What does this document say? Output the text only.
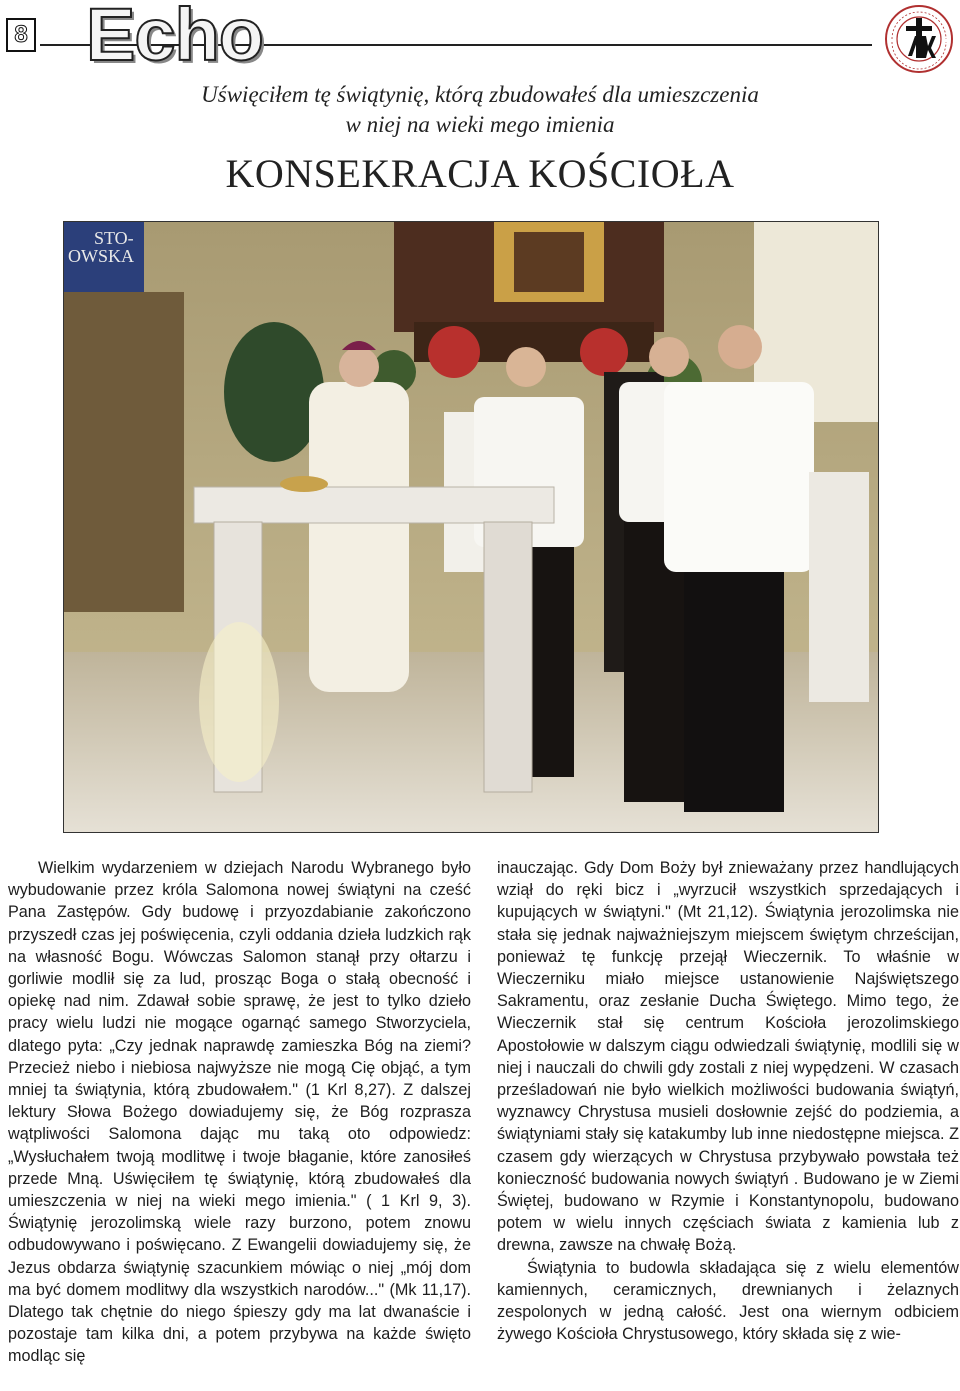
8 Echo
Uświęciłem tę świątynię, którą zbudowałeś dla umieszczenia
w niej na wieki mego imienia
KONSEKRACJA KOŚCIOŁA
STO-
OWSKA

Wielkim wydarzeniem w dziejach Narodu Wybranego było wybudowanie przez króla Salomona nowej świątyni na cześć Pana Zastępów. Gdy budowę i przyozdabianie zakończono przyszedł czas jej poświęcenia, czyli oddania dzieła ludzkich rąk na własność Bogu. Wówczas Salomon stanął przy ołtarzu i gorliwie modlił się za lud, prosząc Boga o stałą obecność i opiekę nad nim. Zdawał sobie sprawę, że jest to tylko dzieło pracy wielu ludzi nie mogące ogarnąć samego Stworzyciela, dlatego pyta: „Czy jednak naprawdę zamieszka Bóg na ziemi? Przecież niebo i niebiosa najwyższe nie mogą Cię objąć, a tym mniej ta świątynia, którą zbudowałem." (1 Krl 8,27). Z dalszej lektury Słowa Bożego dowiadujemy się, że Bóg rozprasza wątpliwości Salomona dając mu taką oto odpowiedz: „Wysłuchałem twoją modlitwę i twoje błaganie, które zanosiłeś przede Mną. Uświęciłem tę świątynię, którą zbudowałeś dla umieszczenia w niej na wieki mego imienia." ( 1 Krl 9, 3). Świątynię jerozolimską wiele razy burzono, potem znowu odbudowywano i poświęcano. Z Ewangelii dowiadujemy się, że Jezus obdarza świątynię szacunkiem mówiąc o niej „mój dom ma być domem modlitwy dla wszystkich narodów..." (Mk 11,17). Dlatego tak chętnie do niego śpieszy gdy ma lat dwanaście i pozostaje tam kilka dni, a potem przybywa na każde święto modląc się

inauczając. Gdy Dom Boży był znieważany przez handlujących wziął do ręki bicz i „wyrzucił wszystkich sprzedających i kupujących w świątyni." (Mt 21,12). Świątynia jerozolimska nie stała się jednak najważniejszym miejscem świętym chrześcijan, ponieważ tę funkcję przejął Wieczernik. To właśnie w Wieczerniku miało miejsce ustanowienie Najświętszego Sakramentu, oraz zesłanie Ducha Świętego. Mimo tego, że Wieczernik stał się centrum Kościoła jerozolimskiego Apostołowie w dalszym ciągu odwiedzali świątynię, modlili się w niej i nauczali do chwili gdy zostali z niej wypędzeni. W czasach prześladowań nie było wielkich możliwości budowania świątyń, wyznawcy Chrystusa musieli dosłownie zejść do podziemia, a świątyniami stały się katakumby lub inne niedostępne miejsca. Z czasem gdy wierzących w Chrystusa przybywało powstała też konieczność budowania nowych świątyń . Budowano je w Ziemi Świętej, budowano w Rzymie i Konstantynopolu, budowano potem w wielu innych częściach świata z kamienia lub z drewna, zawsze na chwałę Bożą.

Świątynia to budowla składająca się z wielu elementów kamiennych, ceramicznych, drewnianych i żelaznych zespolonych w jedną całość. Jest ona wiernym odbiciem żywego Kościoła Chrystusowego, który składa się z wie-
